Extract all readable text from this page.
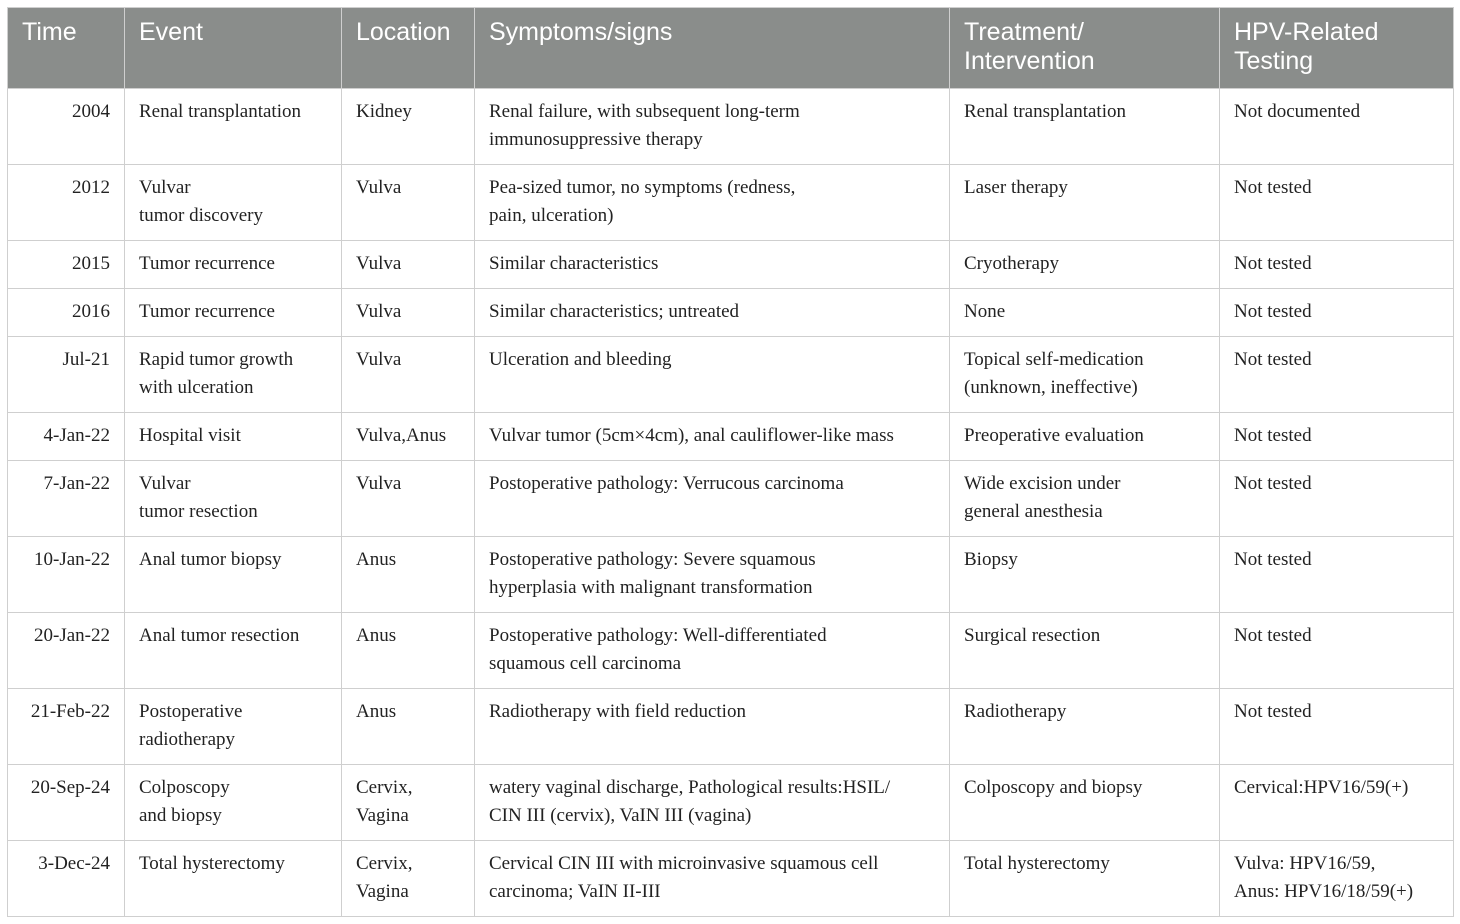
Time	Event	Location	Symptoms/signs	Treatment/
Intervention	HPV-Related
Testing
2004	Renal transplantation	Kidney	Renal failure, with subsequent long-term
immunosuppressive therapy	Renal transplantation	Not documented
2012	Vulvar
tumor discovery	Vulva	Pea-sized tumor, no symptoms (redness,
pain, ulceration)	Laser therapy	Not tested
2015	Tumor recurrence	Vulva	Similar characteristics	Cryotherapy	Not tested
2016	Tumor recurrence	Vulva	Similar characteristics; untreated	None	Not tested
Jul-21	Rapid tumor growth
with ulceration	Vulva	Ulceration and bleeding	Topical self-medication
(unknown, ineffective)	Not tested
4-Jan-22	Hospital visit	Vulva,Anus	Vulvar tumor (5cm×4cm), anal cauliflower-like mass	Preoperative evaluation	Not tested
7-Jan-22	Vulvar
tumor resection	Vulva	Postoperative pathology: Verrucous carcinoma	Wide excision under
general anesthesia	Not tested
10-Jan-22	Anal tumor biopsy	Anus	Postoperative pathology: Severe squamous
hyperplasia with malignant transformation	Biopsy	Not tested
20-Jan-22	Anal tumor resection	Anus	Postoperative pathology: Well-differentiated
squamous cell carcinoma	Surgical resection	Not tested
21-Feb-22	Postoperative
radiotherapy	Anus	Radiotherapy with field reduction	Radiotherapy	Not tested
20-Sep-24	Colposcopy
and biopsy	Cervix,
Vagina	watery vaginal discharge, Pathological results:HSIL/
CIN III (cervix), VaIN III (vagina)	Colposcopy and biopsy	Cervical:HPV16/59(+)
3-Dec-24	Total hysterectomy	Cervix,
Vagina	Cervical CIN III with microinvasive squamous cell
carcinoma; VaIN II-III	Total hysterectomy	Vulva: HPV16/59,
Anus: HPV16/18/59(+)
